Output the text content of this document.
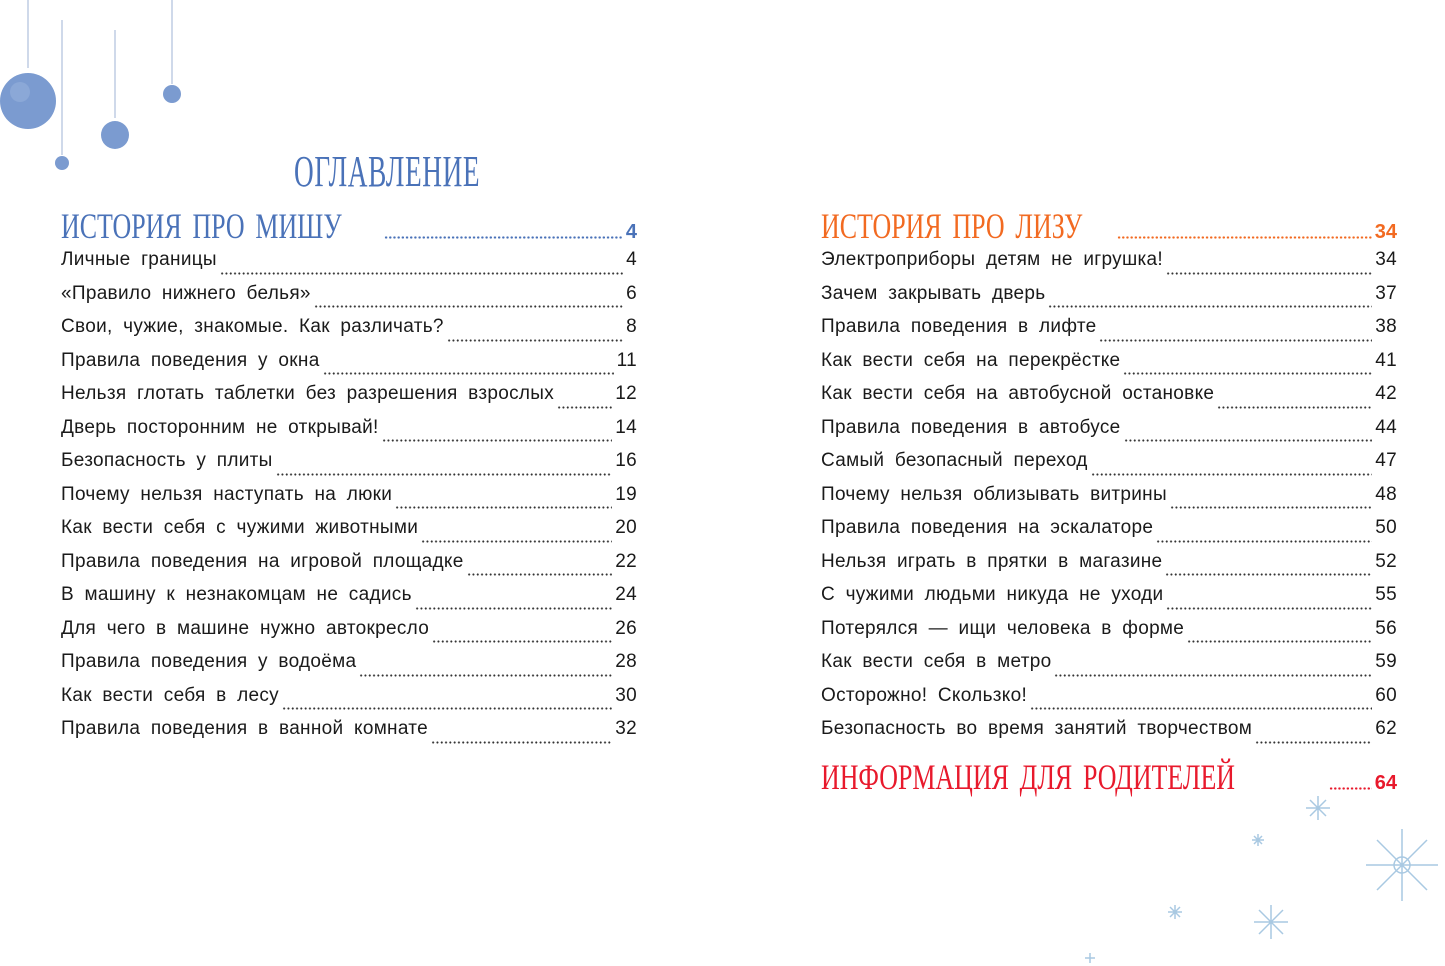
ОГЛАВЛЕНИЕ
ИСТОРИЯ ПРО МИШУ	4
Личные границы	4
«Правило нижнего белья»	6
Свои, чужие, знакомые. Как различать?	8
Правила поведения у окна	11
Нельзя глотать таблетки без разрешения взрослых	12
Дверь посторонним не открывай!	14
Безопасность у плиты	16
Почему нельзя наступать на люки	19
Как вести себя с чужими животными	20
Правила поведения на игровой площадке	22
В машину к незнакомцам не садись	24
Для чего в машине нужно автокресло	26
Правила поведения у водоёма	28
Как вести себя в лесу	30
Правила поведения в ванной комнате	32
ИСТОРИЯ ПРО ЛИЗУ	34
Электроприборы детям не игрушка!	34
Зачем закрывать дверь	37
Правила поведения в лифте	38
Как вести себя на перекрёстке	41
Как вести себя на автобусной остановке	42
Правила поведения в автобусе	44
Самый безопасный переход	47
Почему нельзя облизывать витрины	48
Правила поведения на эскалаторе	50
Нельзя играть в прятки в магазине	52
С чужими людьми никуда не уходи	55
Потерялся — ищи человека в форме	56
Как вести себя в метро	59
Осторожно! Скользко!	60
Безопасность во время занятий творчеством	62
ИНФОРМАЦИЯ ДЛЯ РОДИТЕЛЕЙ	64
